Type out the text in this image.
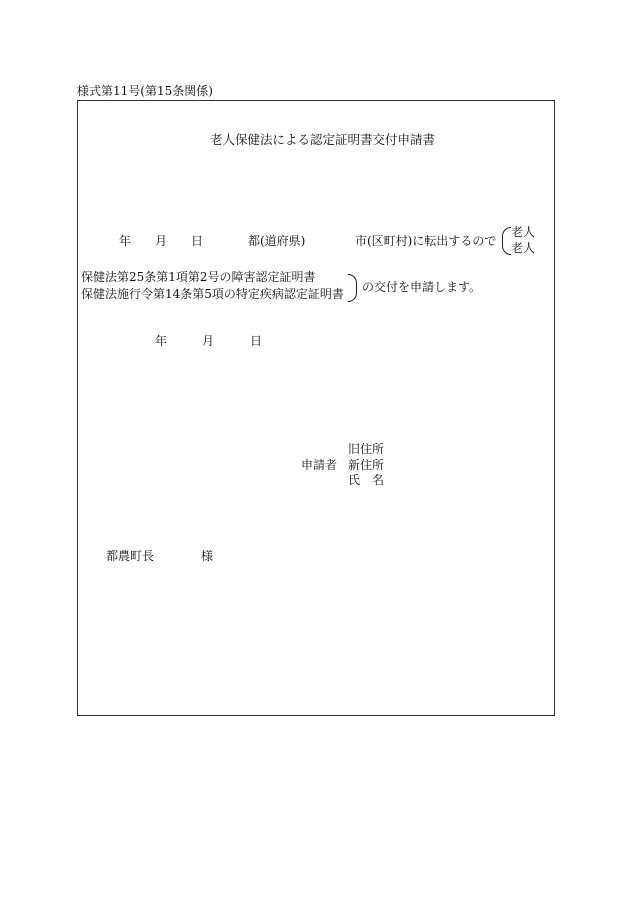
様式第11号(第15条関係)
老人保健法による認定証明書交付申請書
年 月 日	都(道府県)	市(区町村)に転出するので
老人
老人
保健法第25条第1項第2号の障害認定証明書
保健法施行令第14条第5項の特定疾病認定証明書 の交付を申請します。
年	月	日
旧住所
申請者 新住所
氏　名
都農町長	様
